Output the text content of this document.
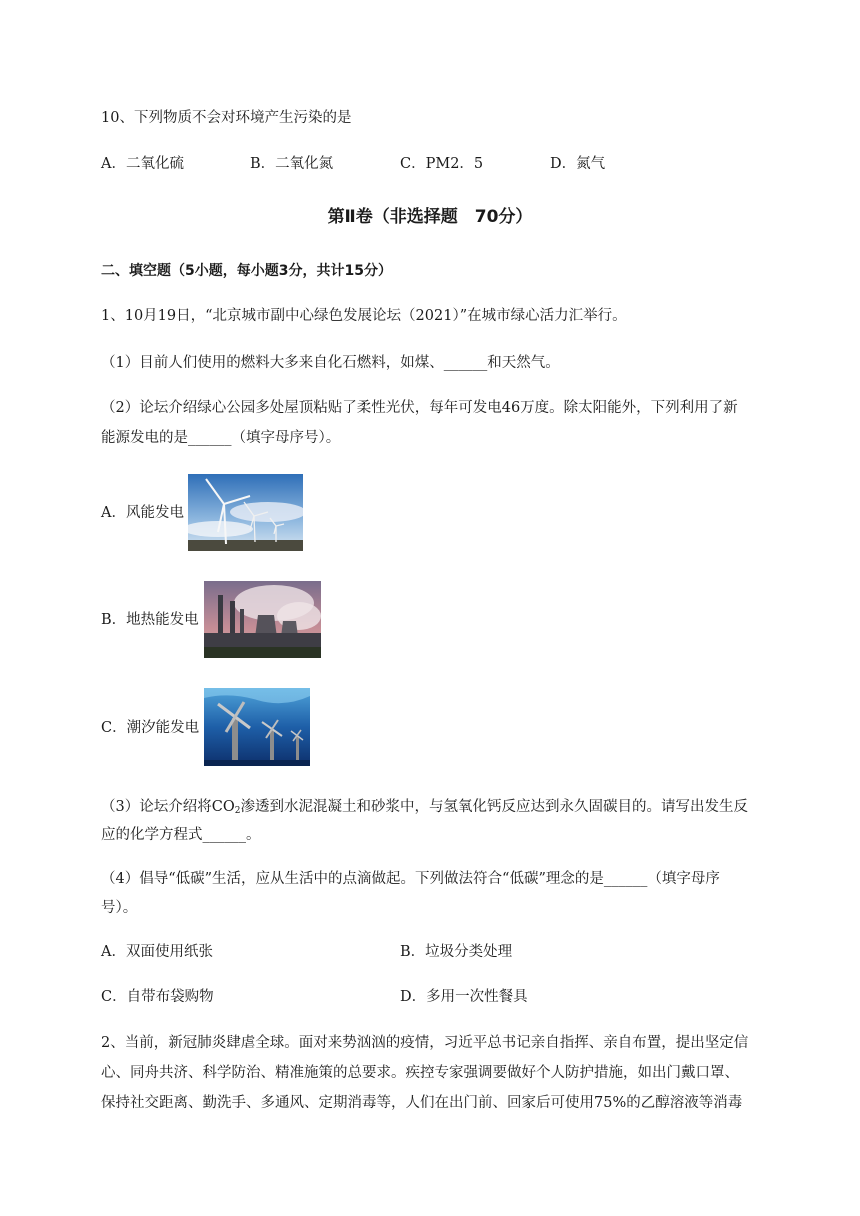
10、下列物质不会对环境产生污染的是
A．二氧化硫	B．二氧化氮	C．PM2．5	D．氮气
第Ⅱ卷（非选择题　70分）
二、填空题（5小题，每小题3分，共计15分）
1、10月19日，“北京城市副中心绿色发展论坛（2021）”在城市绿心活力汇举行。
（1）目前人们使用的燃料大多来自化石燃料，如煤、______和天然气。
（2）论坛介绍绿心公园多处屋顶粘贴了柔性光伏，每年可发电46万度。除太阳能外，下列利用了新
能源发电的是______（填字母序号）。
A．风能发电
B．地热能发电
C．潮汐能发电
（3）论坛介绍将$CO_2$渗透到水泥混凝土和砂浆中，与氢氧化钙反应达到永久固碳目的。请写出发生反
应的化学方程式______。
（4）倡导“低碳”生活，应从生活中的点滴做起。下列做法符合“低碳”理念的是______（填字母序
号）。
A．双面使用纸张	B．垃圾分类处理
C．自带布袋购物	D．多用一次性餐具
2、当前，新冠肺炎肆虐全球。面对来势汹汹的疫情，习近平总书记亲自指挥、亲自布置，提出坚定信
心、同舟共济、科学防治、精准施策的总要求。疾控专家强调要做好个人防护措施，如出门戴口罩、
保持社交距离、勤洗手、多通风、定期消毒等，人们在出门前、回家后可使用75%的乙醇溶液等消毒
